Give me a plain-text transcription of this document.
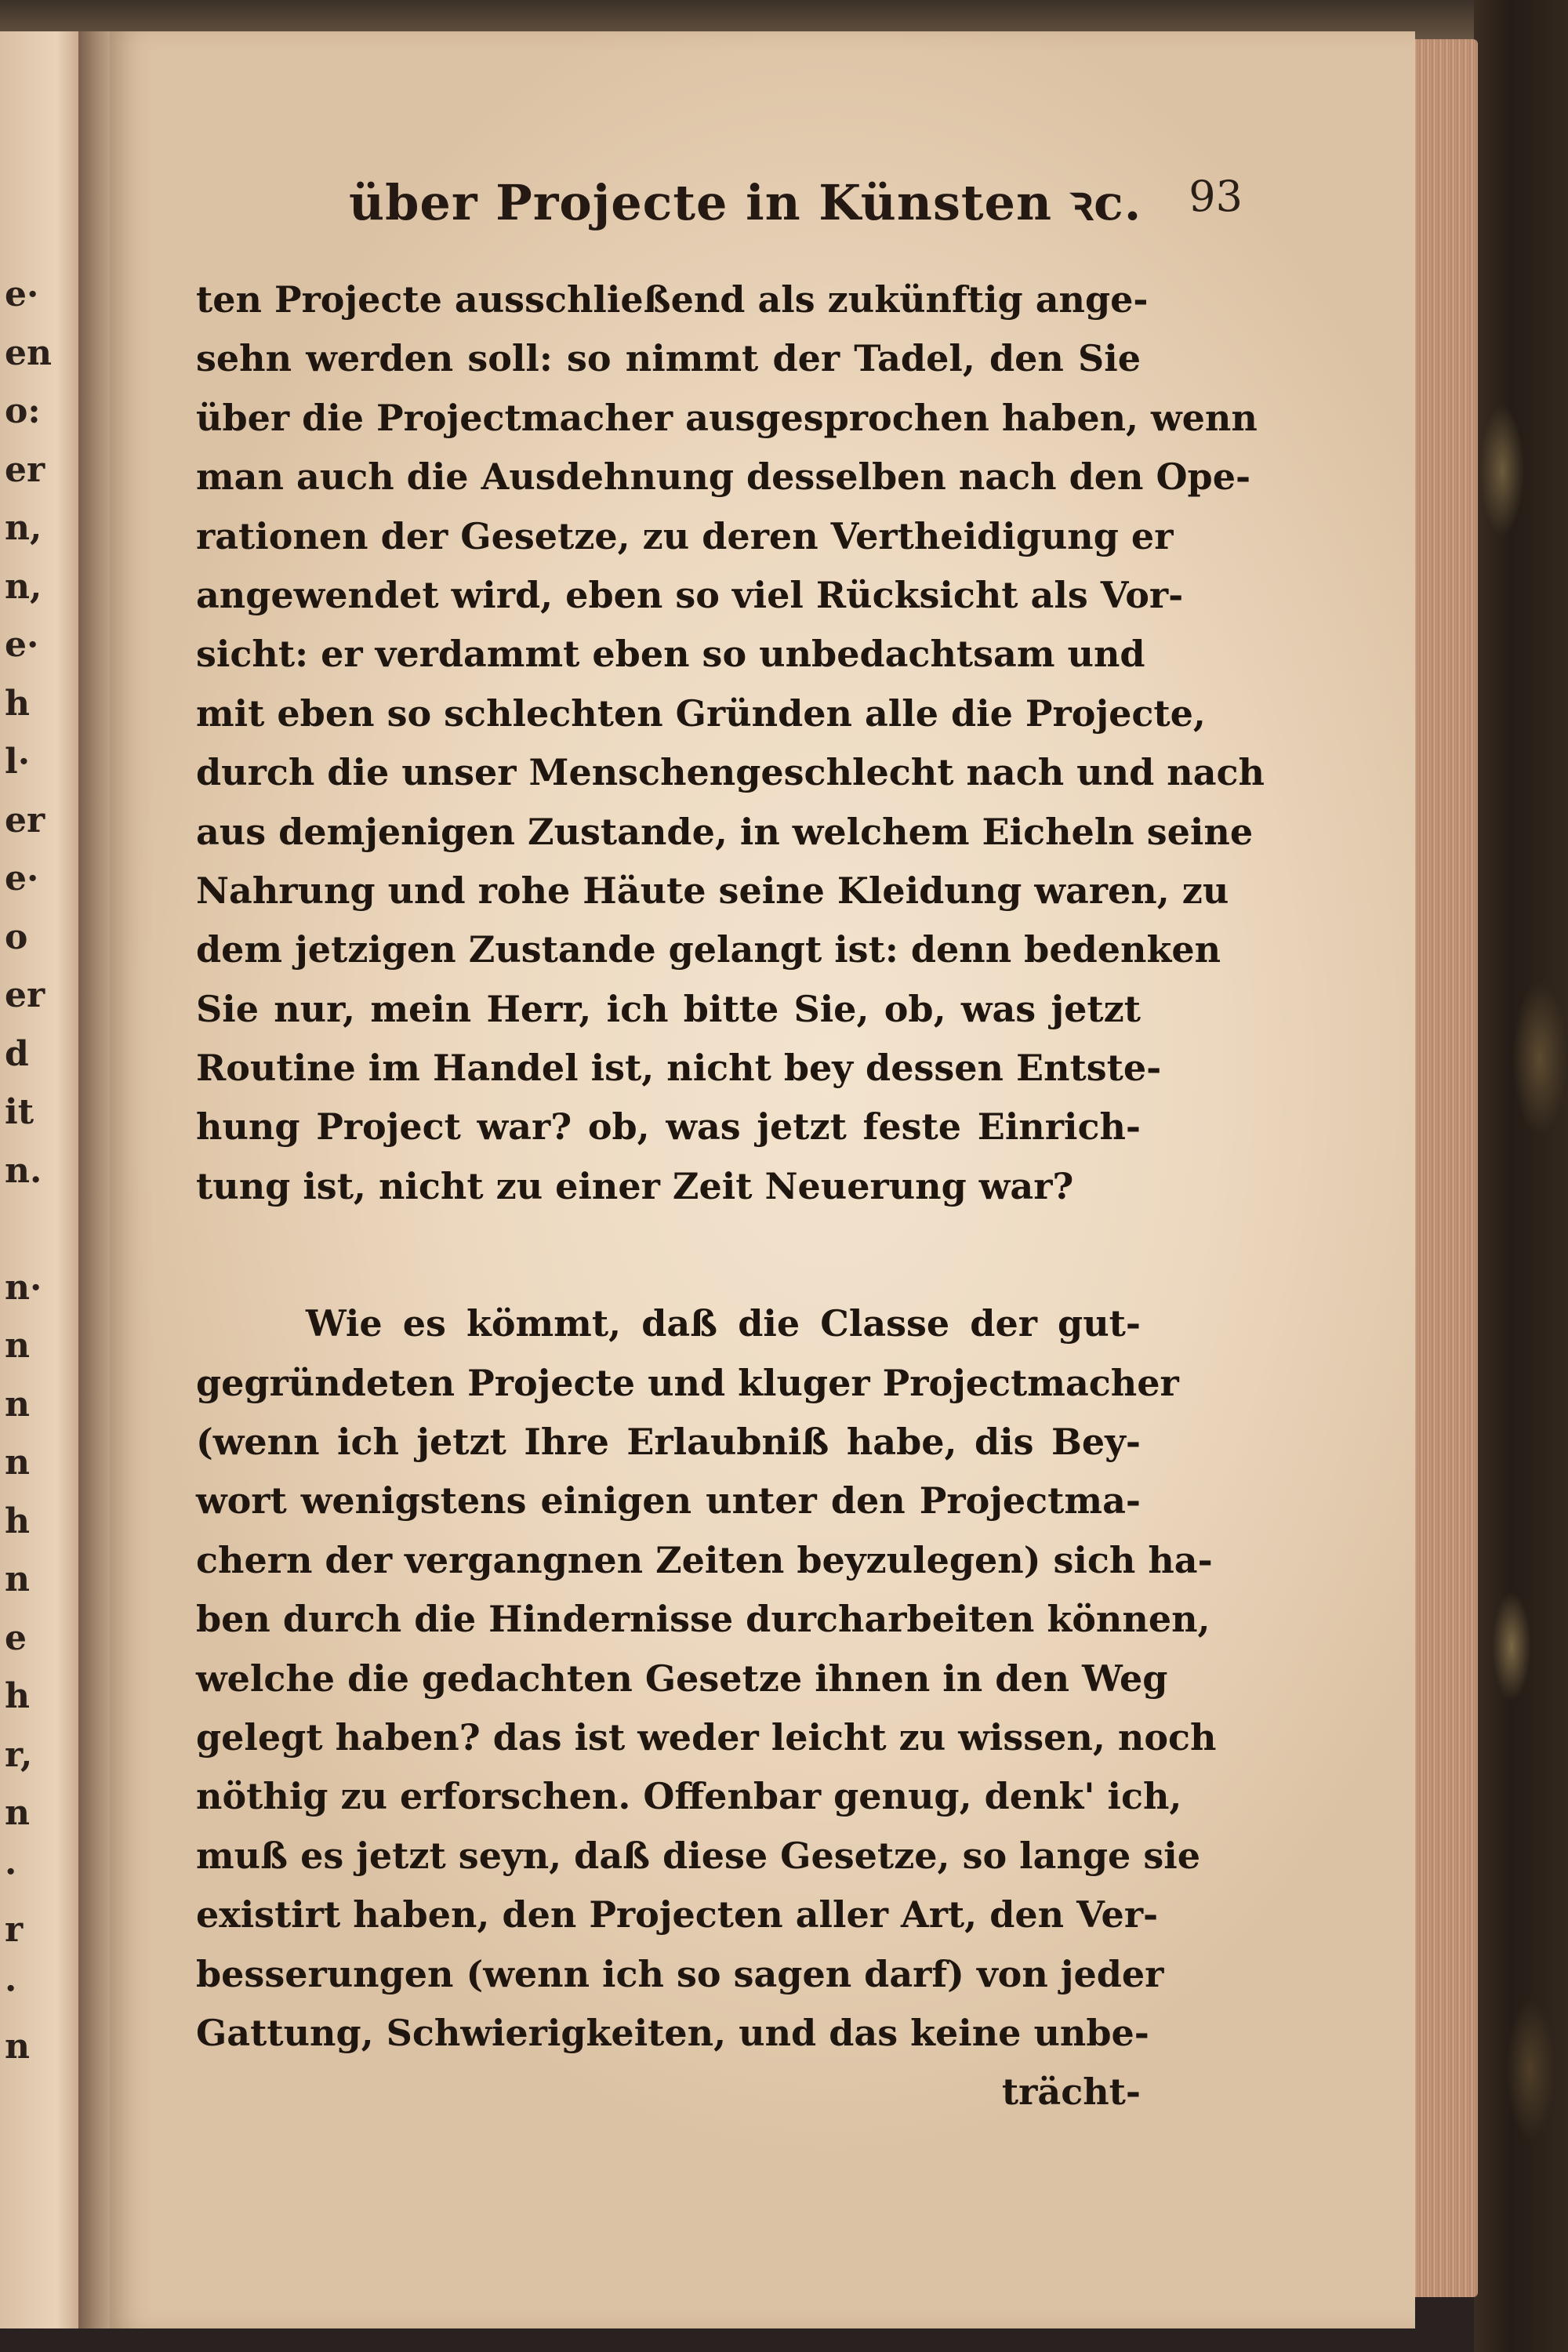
e·
en
o:
er
n,
n,
e·
h
l·
er
e·
o
er
d
it
n.
n·
n
n
n
h
n
e
h
r,
n
·
r
·
n
über Projecte in Künsten ꝛc. 93
ten Projecte ausschließend als zukünftig ange-
sehn werden soll: so nimmt der Tadel, den Sie
über die Projectmacher ausgesprochen haben, wenn
man auch die Ausdehnung desselben nach den Ope-
rationen der Gesetze, zu deren Vertheidigung er
angewendet wird, eben so viel Rücksicht als Vor-
sicht: er verdammt eben so unbedachtsam und
mit eben so schlechten Gründen alle die Projecte,
durch die unser Menschengeschlecht nach und nach
aus demjenigen Zustande, in welchem Eicheln seine
Nahrung und rohe Häute seine Kleidung waren, zu
dem jetzigen Zustande gelangt ist: denn bedenken
Sie nur, mein Herr, ich bitte Sie, ob, was jetzt
Routine im Handel ist, nicht bey dessen Entste-
hung Project war? ob, was jetzt feste Einrich-
tung ist, nicht zu einer Zeit Neuerung war?
Wie es kömmt, daß die Classe der gut-
gegründeten Projecte und kluger Projectmacher
(wenn ich jetzt Ihre Erlaubniß habe, dis Bey-
wort wenigstens einigen unter den Projectma-
chern der vergangnen Zeiten beyzulegen) sich ha-
ben durch die Hindernisse durcharbeiten können,
welche die gedachten Gesetze ihnen in den Weg
gelegt haben? das ist weder leicht zu wissen, noch
nöthig zu erforschen. Offenbar genug, denk' ich,
muß es jetzt seyn, daß diese Gesetze, so lange sie
existirt haben, den Projecten aller Art, den Ver-
besserungen (wenn ich so sagen darf) von jeder
Gattung, Schwierigkeiten, und das keine unbe-
trächt-
